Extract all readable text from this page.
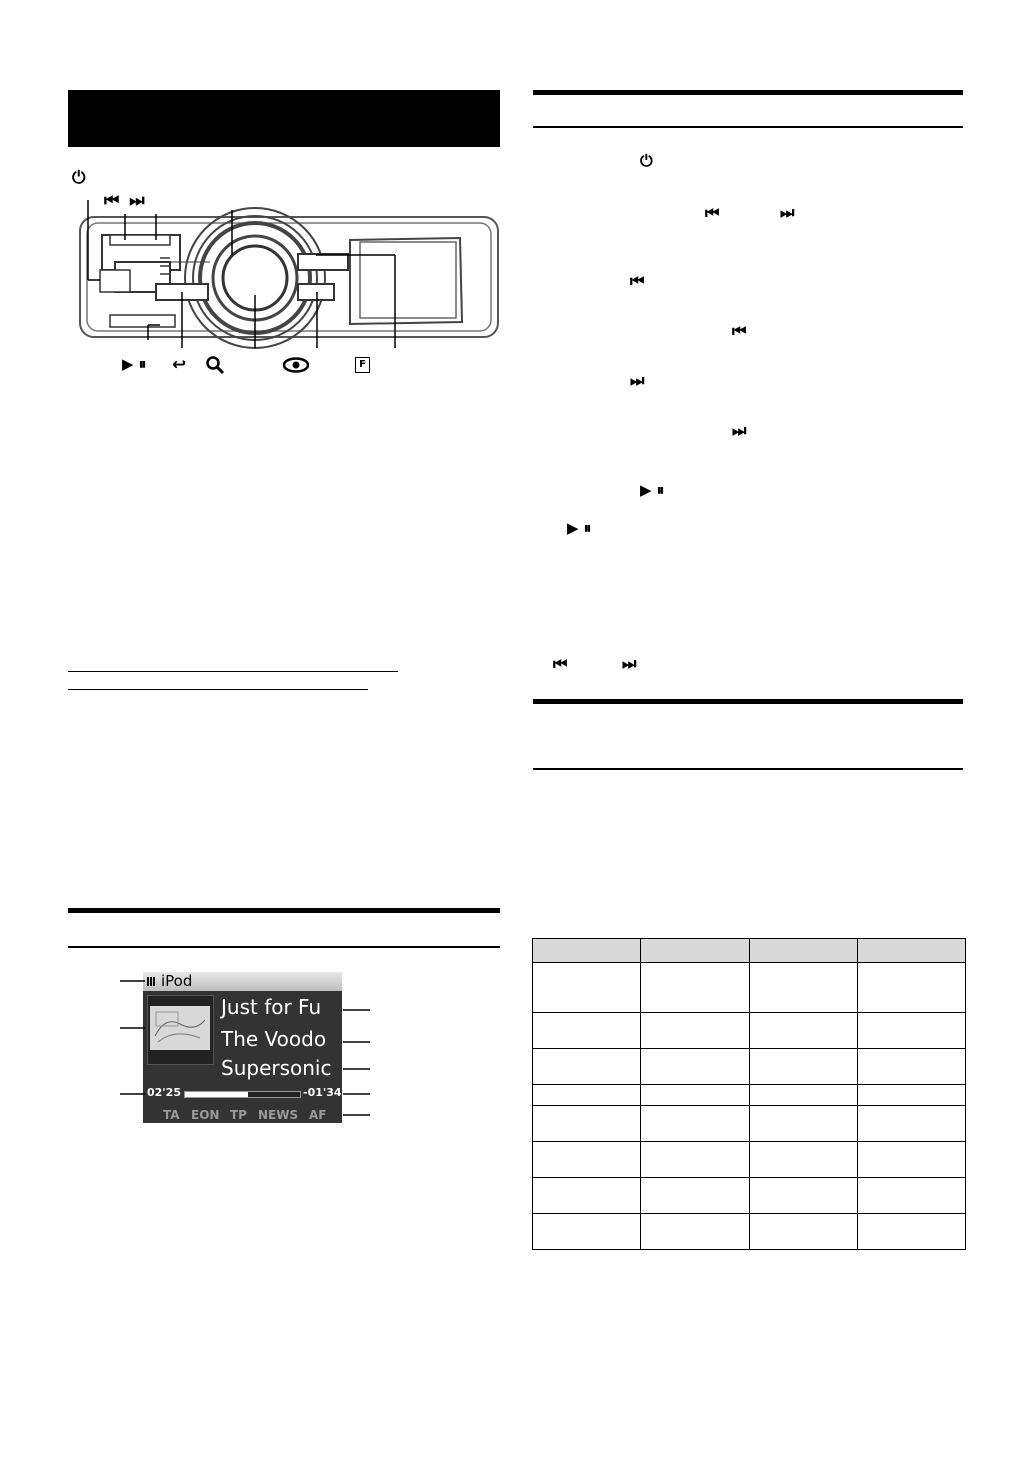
⏻
⏮ ⏭
▶ ⏸ ↩	F
iPod
Just for Fu
The Voodo
Supersonic
02'25	-01'34
TA EON TP NEWS AF
⏻
⏮	⏭
⏮
⏮
⏭
⏭
▶ ⏸
▶ ⏸
⏮	⏭
